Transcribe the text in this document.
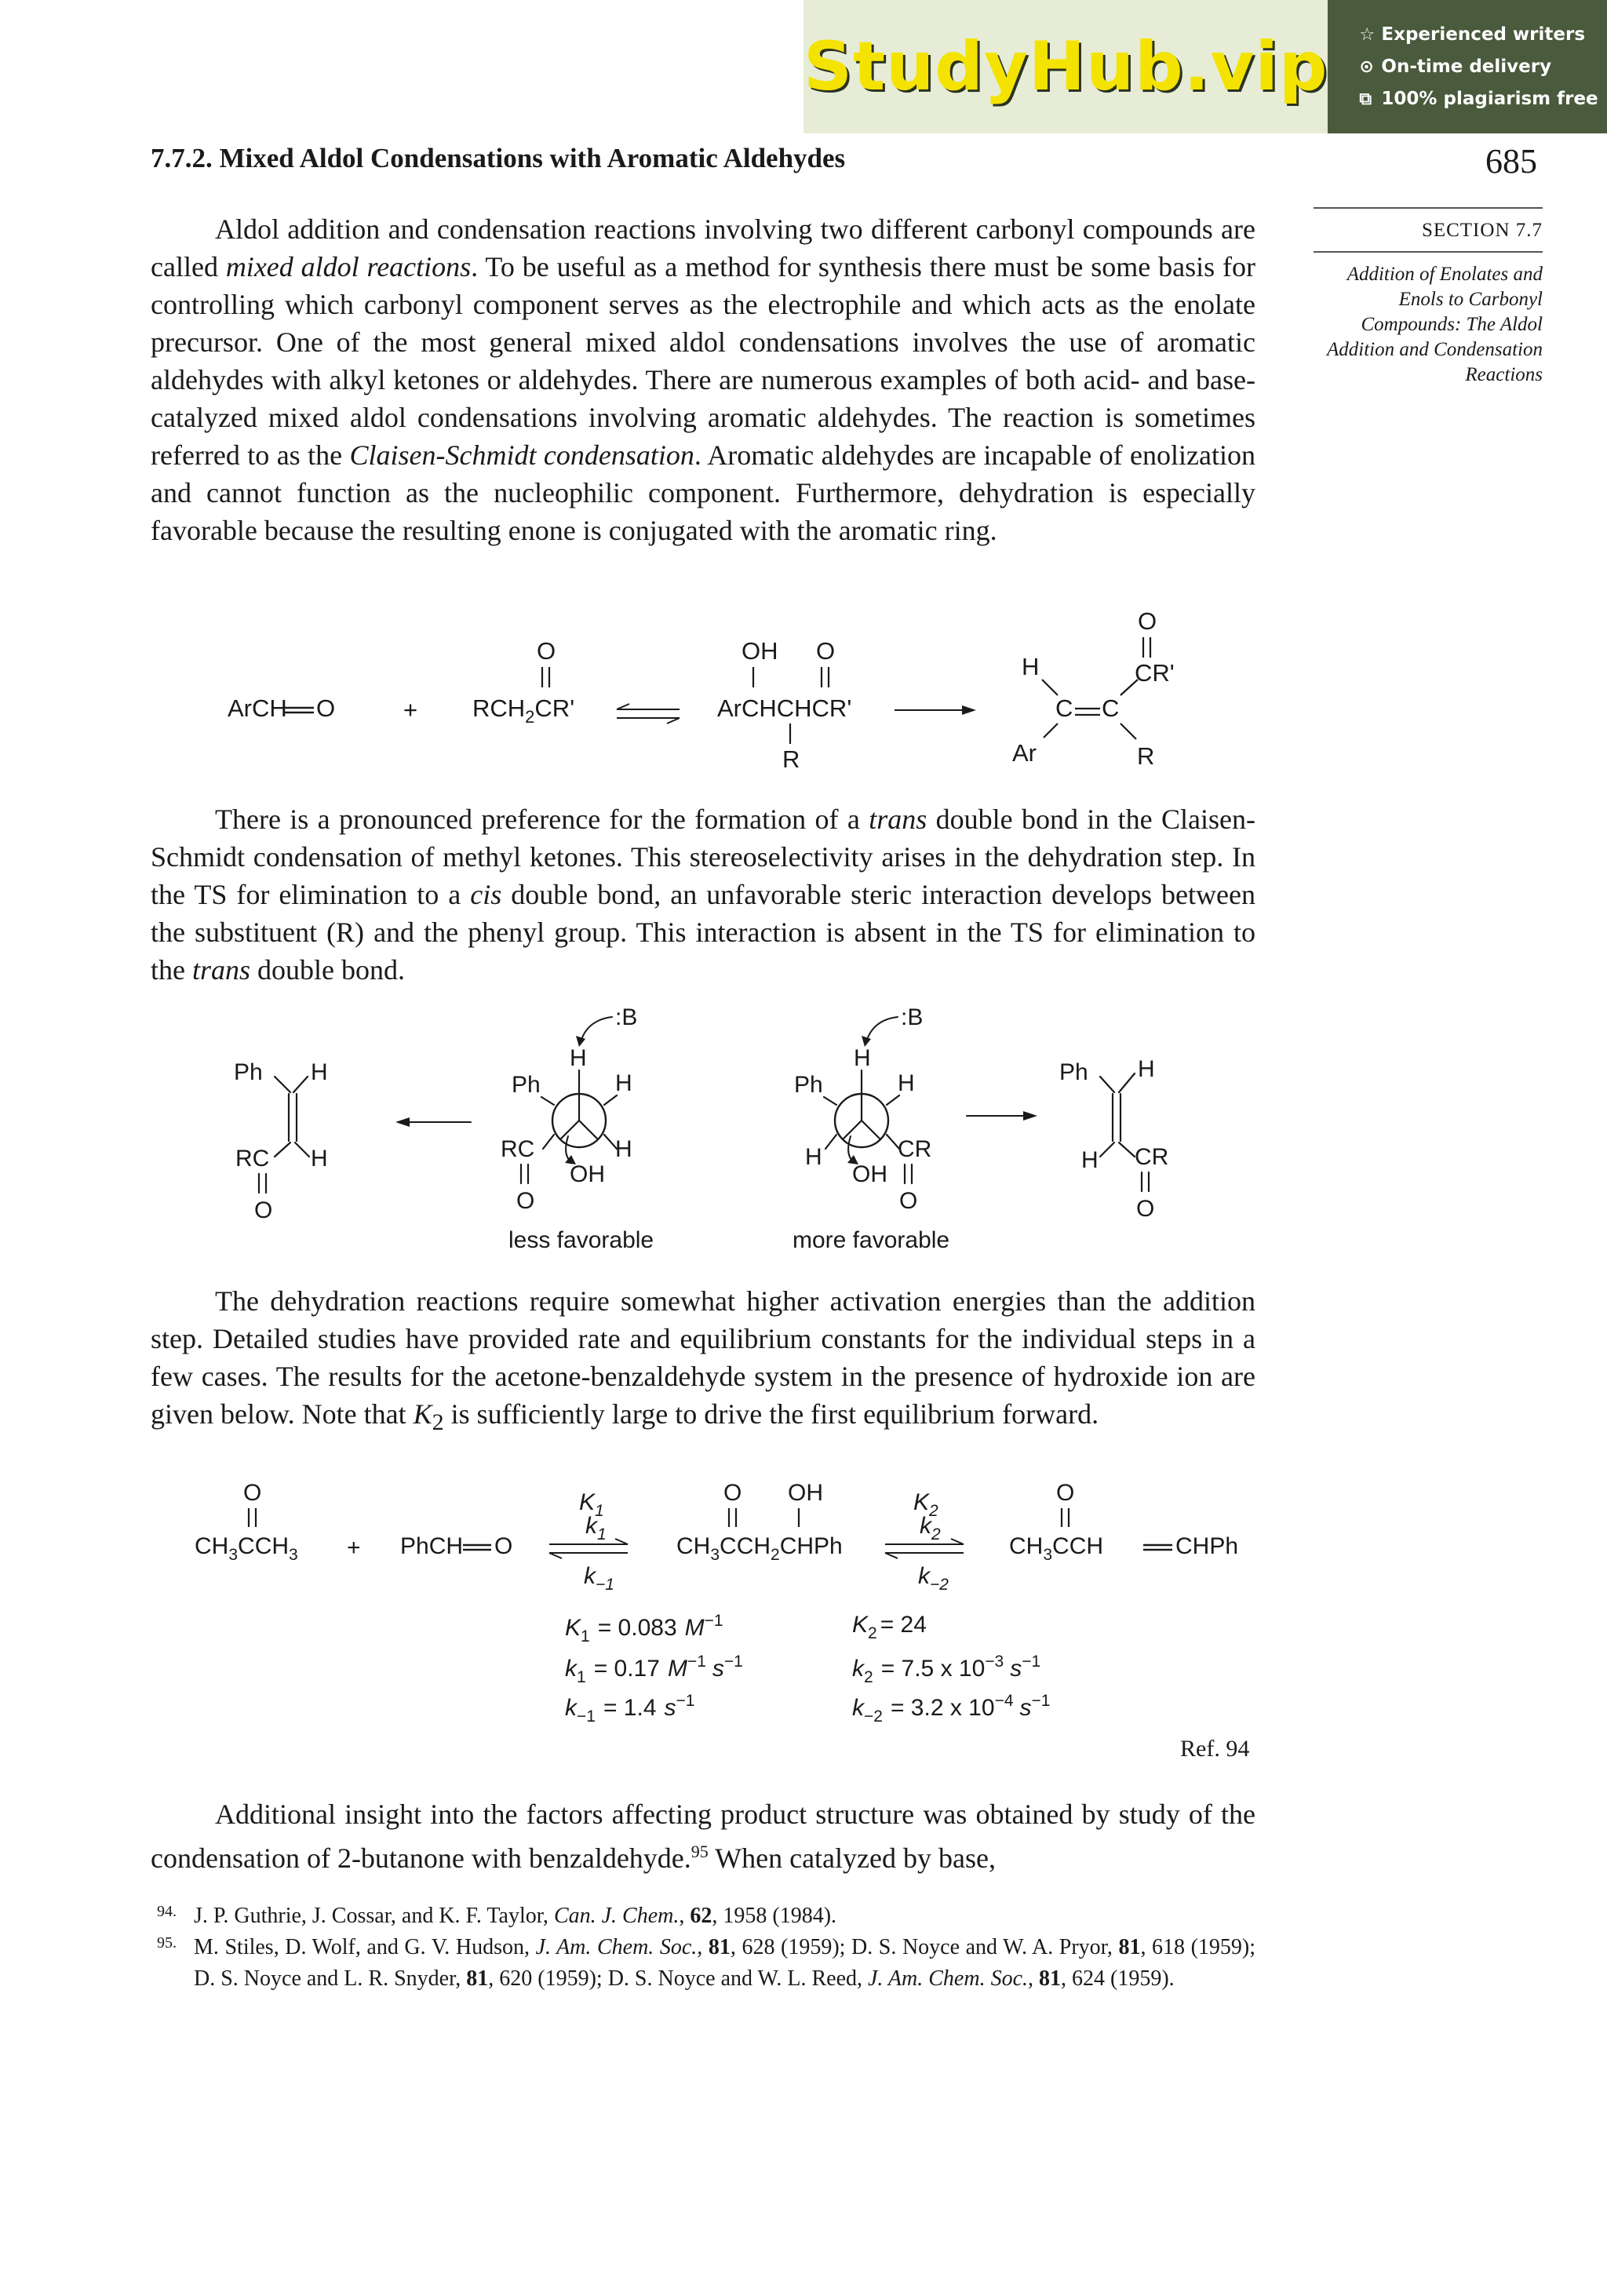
StudyHub.vip ☆ Experienced writers
⊙ On-time delivery
⧉ 100% plagiarism free
7.7.2. Mixed Aldol Condensations with Aromatic Aldehydes	685
SECTION 7.7
Addition of Enolates and Enols to Carbonyl Compounds: The Aldol Addition and Condensation Reactions

Aldol addition and condensation reactions involving two different carbonyl compounds are called mixed aldol reactions. To be useful as a method for synthesis there must be some basis for controlling which carbonyl component serves as the electrophile and which acts as the enolate precursor. One of the most general mixed aldol condensations involves the use of aromatic aldehydes with alkyl ketones or aldehydes. There are numerous examples of both acid- and base-catalyzed mixed aldol condensations involving aromatic aldehydes. The reaction is sometimes referred to as the Claisen-Schmidt condensation. Aromatic aldehydes are incapable of enolization and cannot function as the nucleophilic component. Furthermore, dehydration is especially favorable because the resulting enone is conjugated with the aromatic ring.

ArCH O	+
O
$RCH_2CR'$
OH O
ArCHCHCR'
R
O
CR'
H
C C
Ar	R

There is a pronounced preference for the formation of a trans double bond in the Claisen-Schmidt condensation of methyl ketones. This stereoselectivity arises in the dehydration step. In the TS for elimination to a cis double bond, an unfavorable steric interaction develops between the substituent (R) and the phenyl group. This interaction is absent in the TS for elimination to the trans double bond.

Ph H
RC H
O
:B
H
Ph	H
RC	H
O
OH
less favorable
:B
H
Ph	H
H	CR
O
OH
more favorable
Ph H
H CR
O

The dehydration reactions require somewhat higher activation energies than the addition step. Detailed studies have provided rate and equilibrium constants for the individual steps in a few cases. The results for the acetone-benzaldehyde system in the presence of hydroxide ion are given below. Note that $K_2$ is sufficiently large to drive the first equilibrium forward.

O
$CH_3CCH_3$ + PhCH O
$K_1$
$k_1$
$k_{-1}$
O OH
$CH_3CCH_2CHPh$
$K_2$
$k_2$
$k_{-2}$
O
$CH_3CCH$	CHPh
$K_1 = 0.083$ $M^{-1}$
$k_1 = 0.17$ $M^{-1}$ $s^{-1}$
$k_{-1} = 1.4$ $s^{-1}$
$K_2 = 24$
$k_2 = 7.5$ x $10^{-3}$ $s^{-1}$
$k_{-2} = 3.2$ x $10^{-4}$ $s^{-1}$
Ref. 94

Additional insight into the factors affecting product structure was obtained by study of the condensation of 2-butanone with benzaldehyde.$^{95}$ When catalyzed by base,

94. J. P. Guthrie, J. Cossar, and K. F. Taylor, Can. J. Chem., 62, 1958 (1984).
95. M. Stiles, D. Wolf, and G. V. Hudson, J. Am. Chem. Soc., 81, 628 (1959); D. S. Noyce and W. A. Pryor, 81, 618 (1959); D. S. Noyce and L. R. Snyder, 81, 620 (1959); D. S. Noyce and W. L. Reed, J. Am. Chem. Soc., 81, 624 (1959).
